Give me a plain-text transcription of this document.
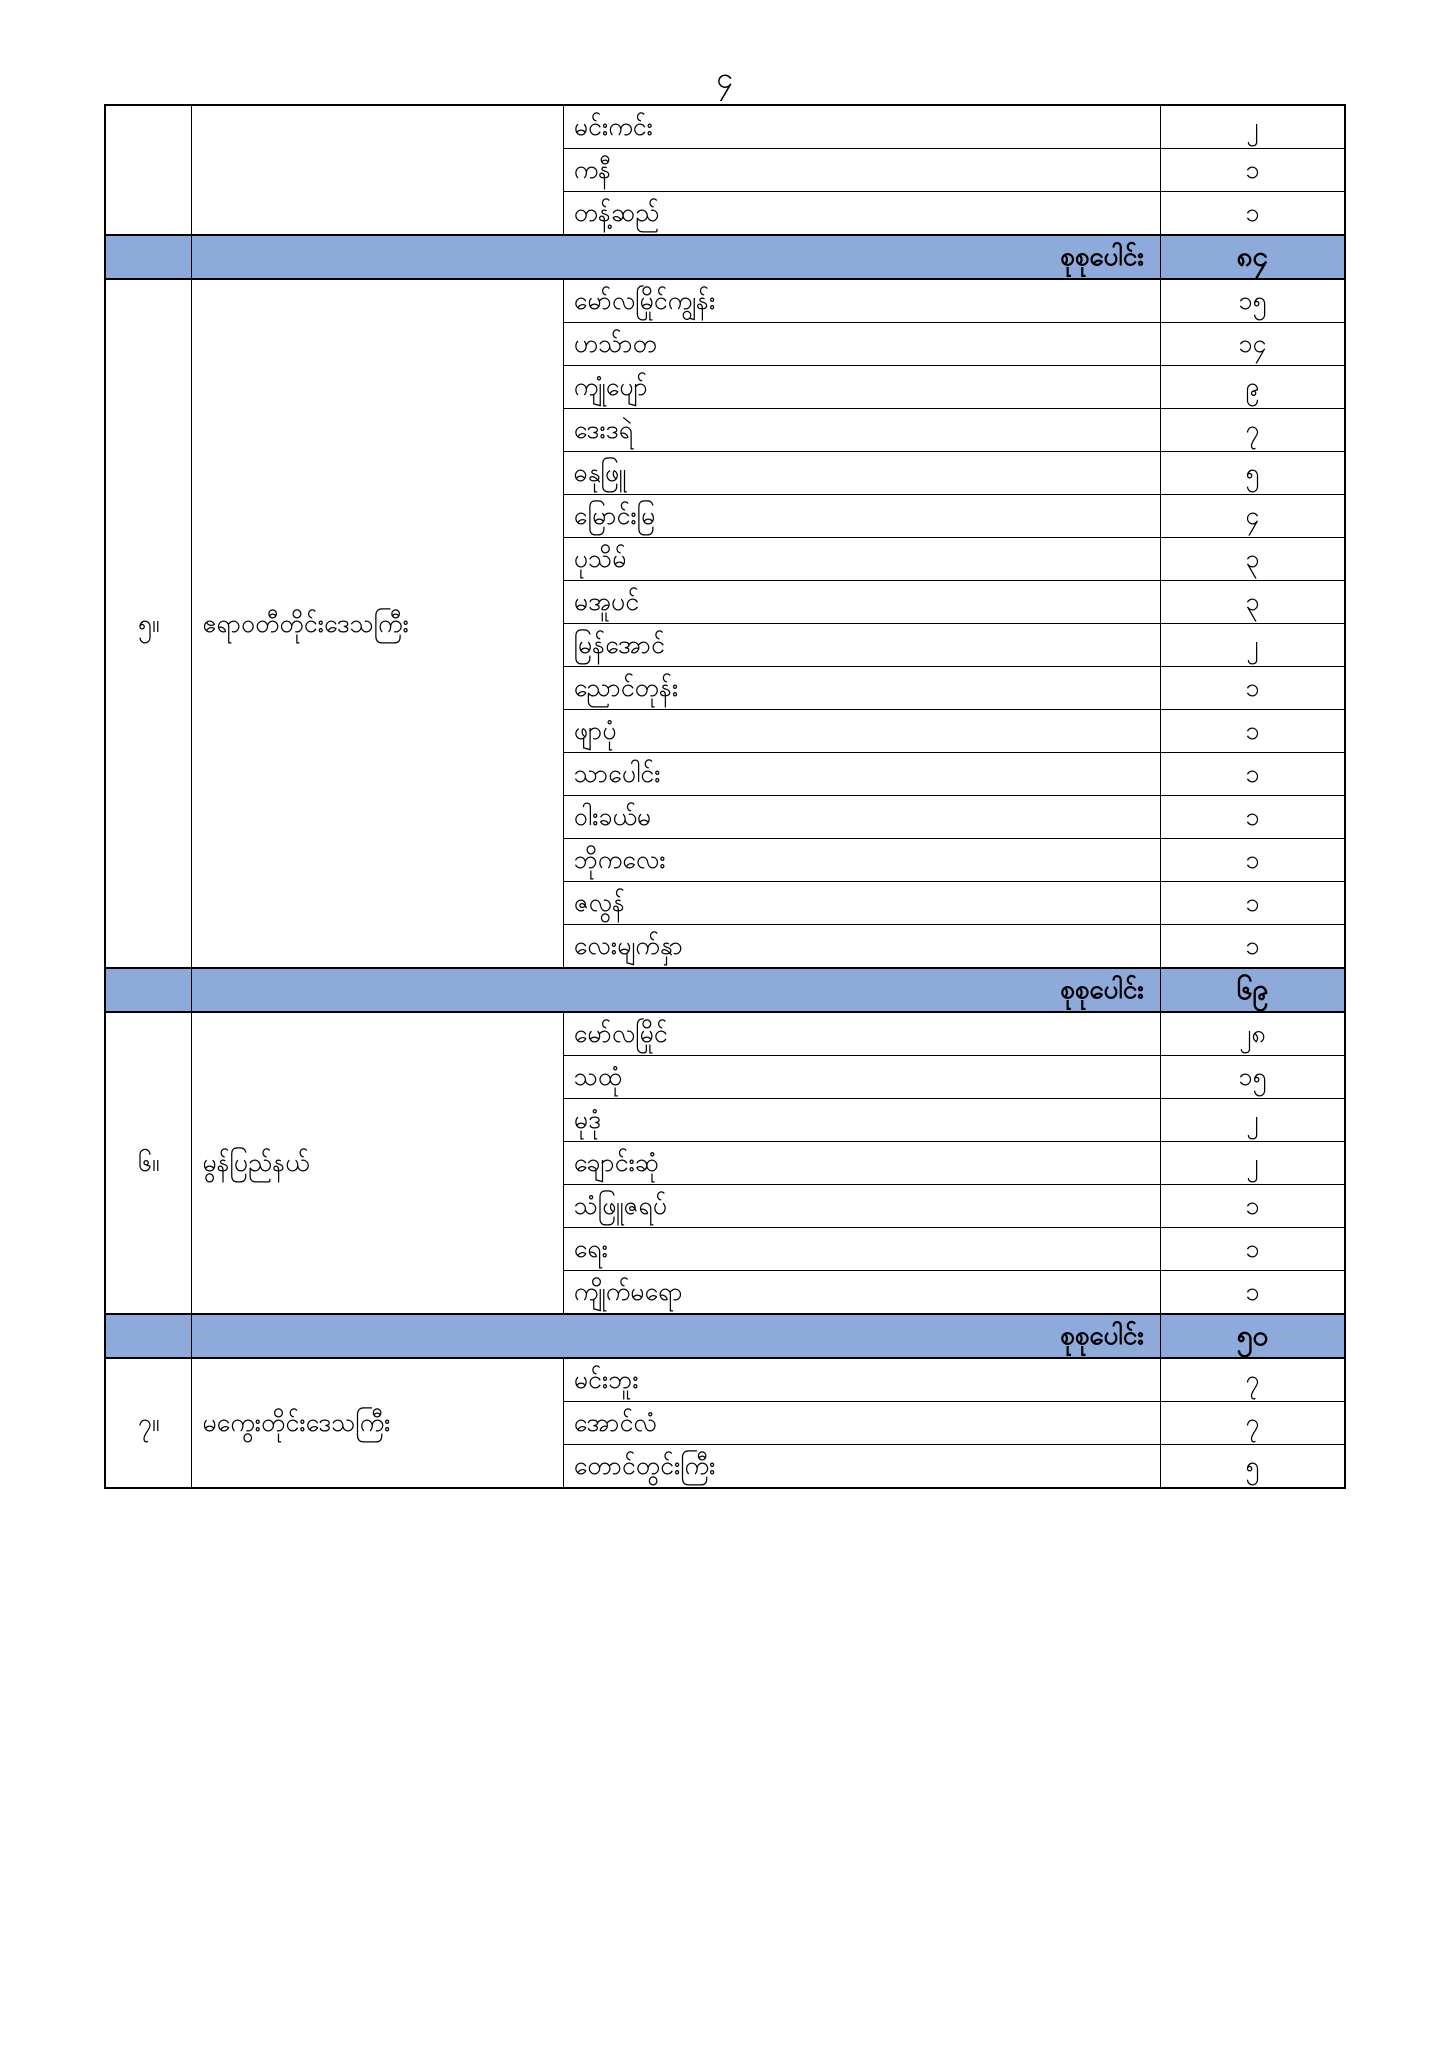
၄
		မင်းကင်း	၂
		ကနီ	၁
		တန့်ဆည်	၁
	စုစုပေါင်း		၈၄
၅။	ဧရာဝတီတိုင်းဒေသကြီး	မော်လမြိုင်ကျွန်း	၁၅
		ဟသ်ာတ	၁၄
		ကျုံပျော်	၉
		ဒေးဒရဲ	၇
		ဓနုဖြူ	၅
		မြောင်းမြ	၄
		ပုသိမ်	၃
		မအူပင်	၃
		မြန်အောင်	၂
		ညောင်တုန်း	၁
		ဖျာပုံ	၁
		သာပေါင်း	၁
		ဝါးခယ်မ	၁
		ဘိုကလေး	၁
		ဇလွန်	၁
		လေးမျက်နှာ	၁
	စုစုပေါင်း		၆၉
၆။	မွန်ပြည်နယ်	မော်လမြိုင်	၂၈
		သထုံ	၁၅
		မုဒုံ	၂
		ချောင်းဆုံ	၂
		သံဖြူဇရပ်	၁
		ရေး	၁
		ကျိုက်မရော	၁
	စုစုပေါင်း		၅၀
၇။	မကွေးတိုင်းဒေသကြီး	မင်းဘူး	၇
		အောင်လံ	၇
		တောင်တွင်းကြီး	၅
